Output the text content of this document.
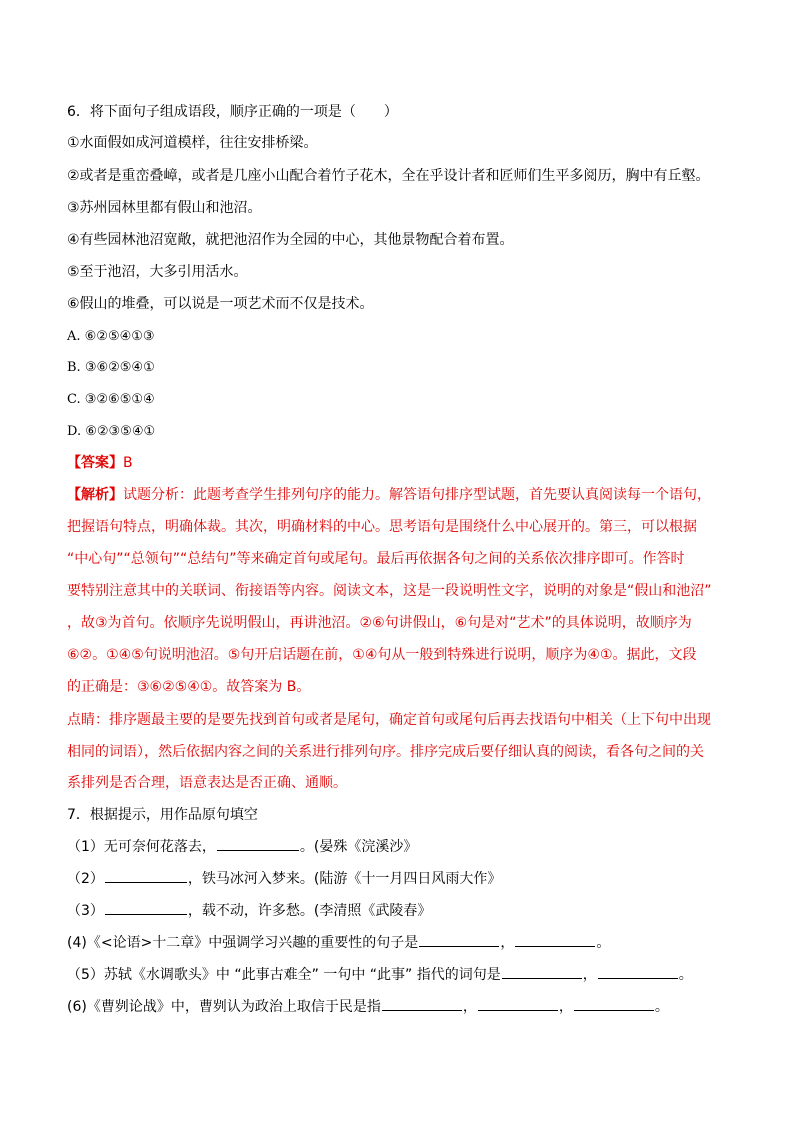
6．将下面句子组成语段，顺序正确的一项是（　　）
①水面假如成河道模样，往往安排桥梁。
②或者是重峦叠嶂，或者是几座小山配合着竹子花木，全在乎设计者和匠师们生平多阅历，胸中有丘壑。
③苏州园林里都有假山和池沼。
④有些园林池沼宽敞，就把池沼作为全园的中心，其他景物配合着布置。
⑤至于池沼，大多引用活水。
⑥假山的堆叠，可以说是一项艺术而不仅是技术。
A. ⑥②⑤④①③
B. ③⑥②⑤④①
C. ③②⑥⑤①④
D. ⑥②③⑤④①
【答案】B
【解析】试题分析：此题考查学生排列句序的能力。解答语句排序型试题，首先要认真阅读每一个语句，
把握语句特点，明确体裁。其次，明确材料的中心。思考语句是围绕什么中心展开的。第三，可以根据
“中心句”“总领句”“总结句”等来确定首句或尾句。最后再依据各句之间的关系依次排序即可。作答时
要特别注意其中的关联词、衔接语等内容。阅读文本，这是一段说明性文字，说明的对象是“假山和池沼”
，故③为首句。依顺序先说明假山，再讲池沼。②⑥句讲假山，⑥句是对“艺术”的具体说明，故顺序为
⑥②。①④⑤句说明池沼。⑤句开启话题在前，①④句从一般到特殊进行说明，顺序为④①。据此，文段
的正确是：③⑥②⑤④①。故答案为 B。
点睛：排序题最主要的是要先找到首句或者是尾句，确定首句或尾句后再去找语句中相关（上下句中出现
相同的词语），然后依据内容之间的关系进行排列句序。排序完成后要仔细认真的阅读，看各句之间的关
系排列是否合理，语意表达是否正确、通顺。
7．根据提示，用作品原句填空
（1）无可奈何花落去，	。(晏殊《浣溪沙》
（2）	，铁马冰河入梦来。(陆游《十一月四日风雨大作》
（3）	，载不动，许多愁。(李清照《武陵春》
(4)《<论语>十二章》中强调学习兴趣的重要性的句子是	，	。
（5）苏轼《水调歌头》中 “此事古难全” 一句中 “此事” 指代的词句是	，	。
(6)《曹刿论战》中，曹刿认为政治上取信于民是指	，	，	。
